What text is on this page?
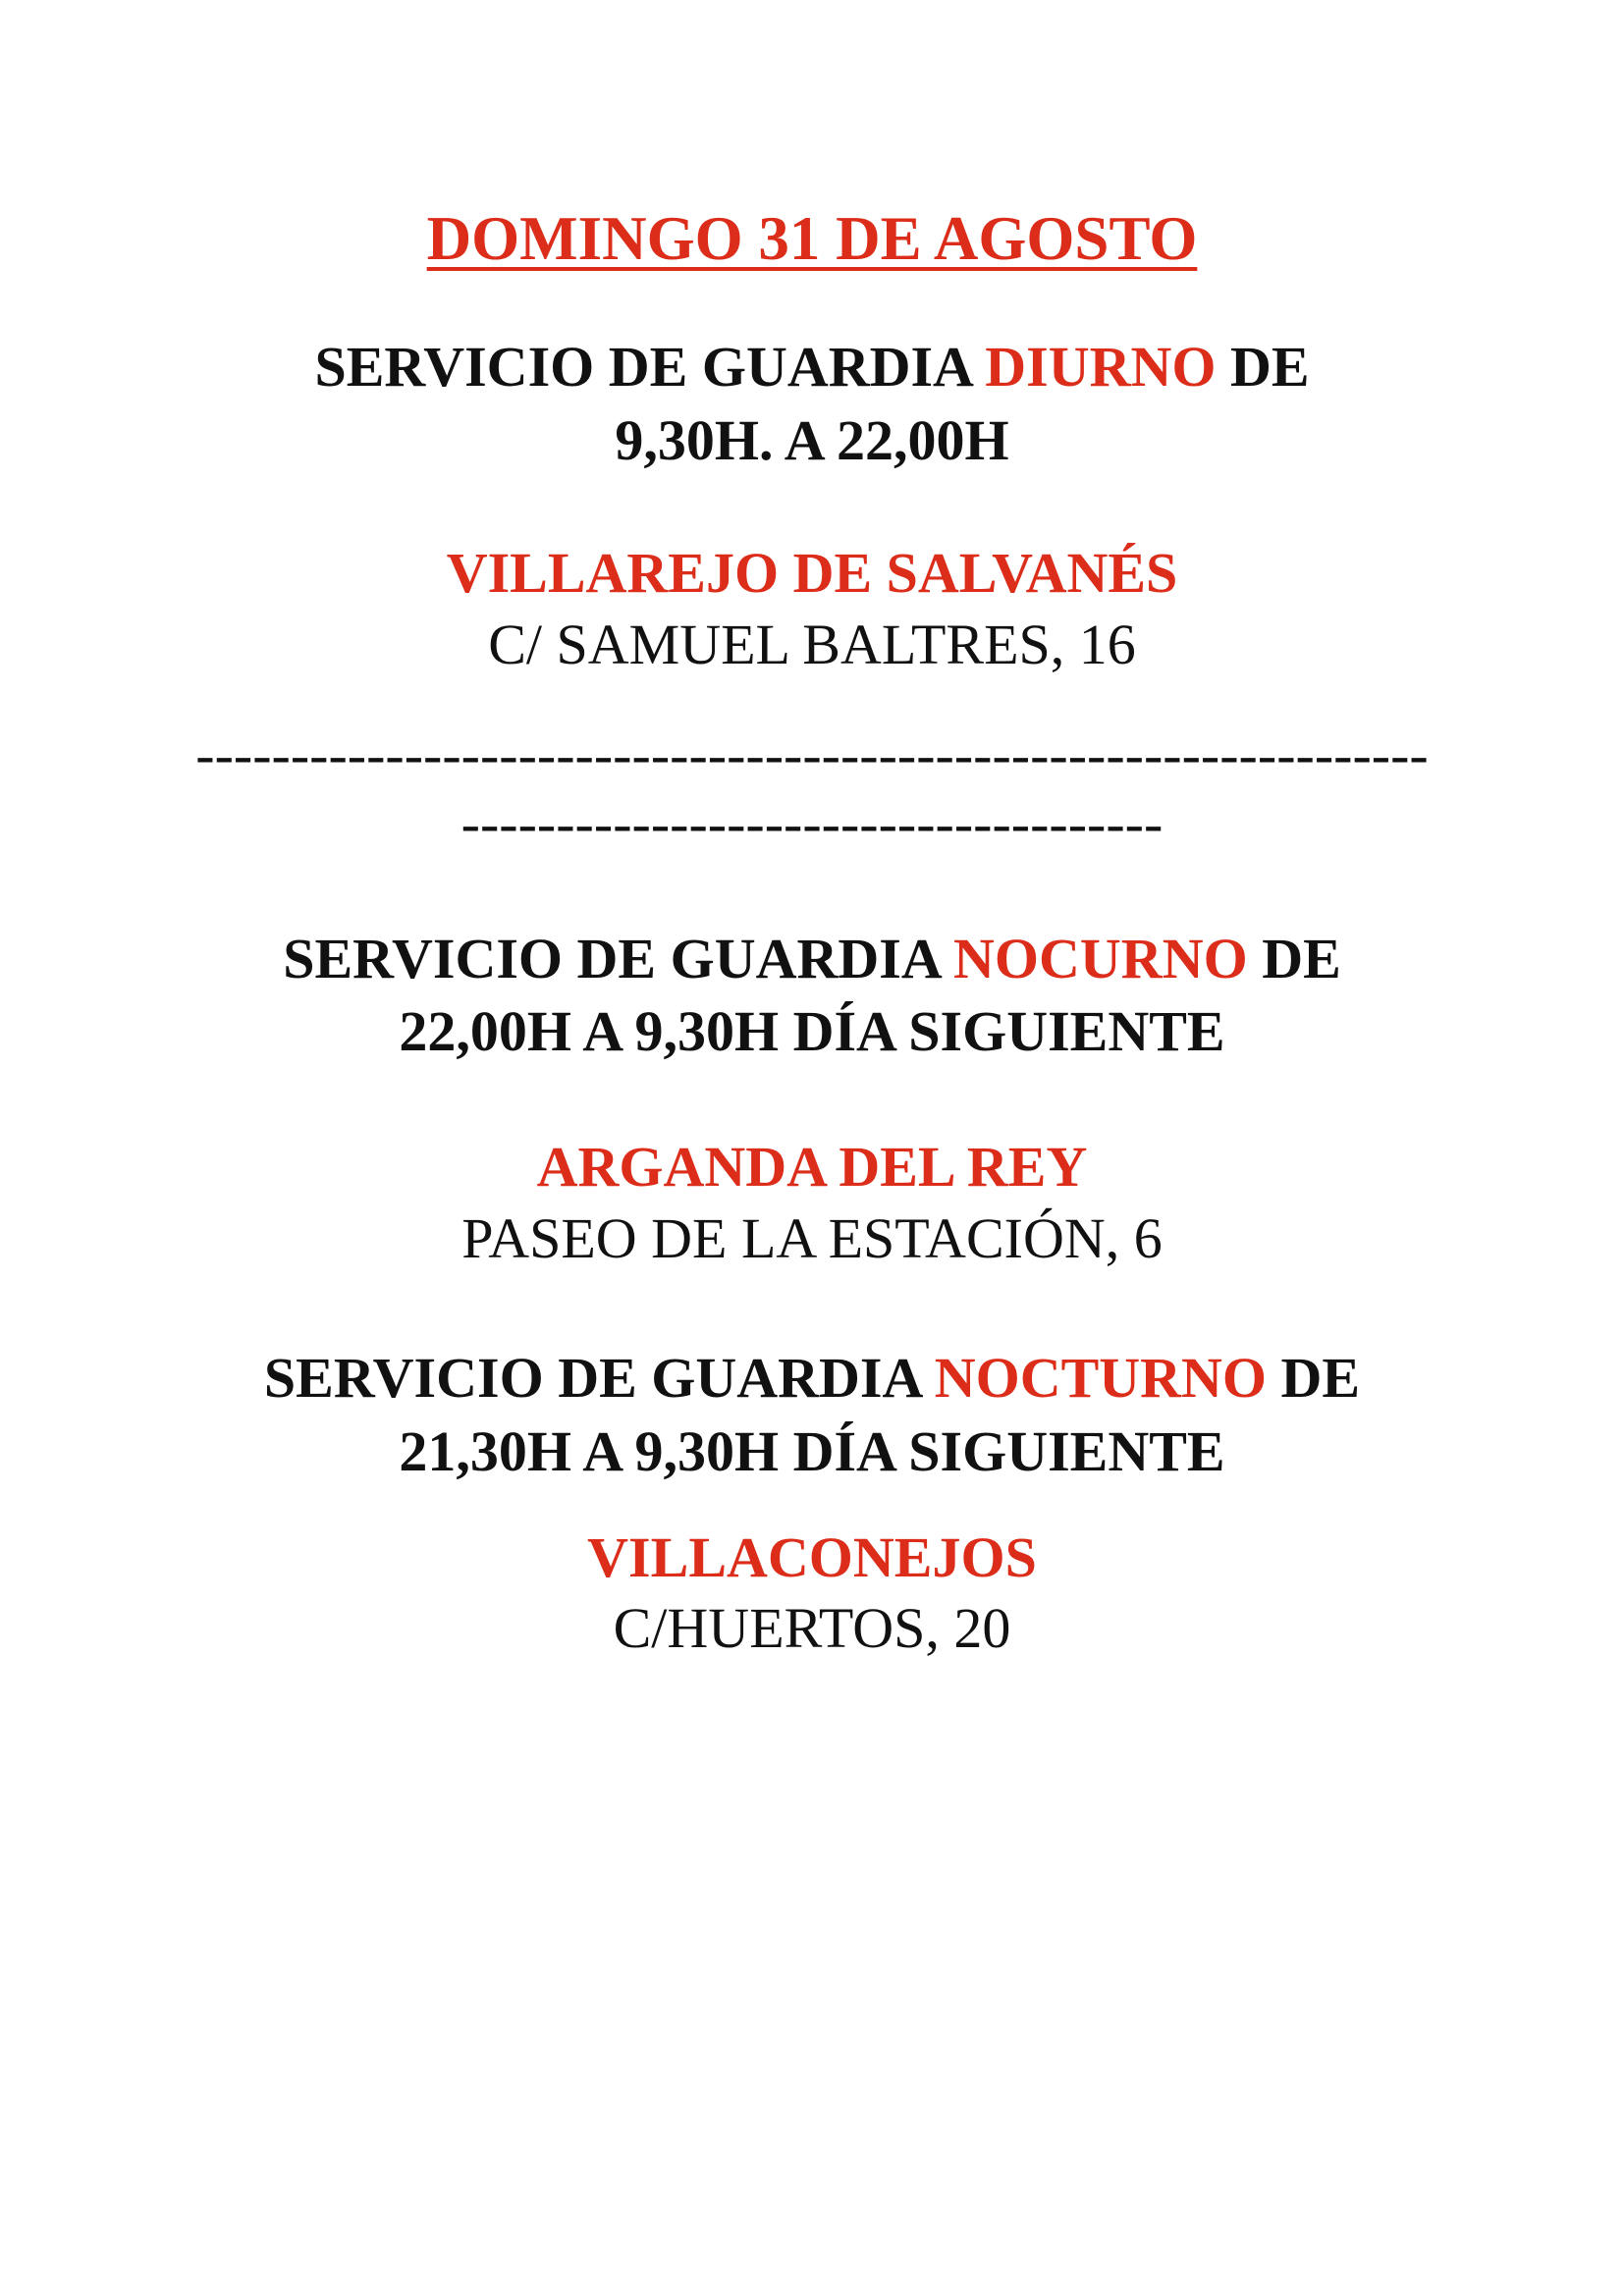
DOMINGO 31 DE AGOSTO
SERVICIO DE GUARDIA DIURNO DE
9,30H. A 22,00H
VILLAREJO DE SALVANÉS
C/ SAMUEL BALTRES, 16
-----------------------------------------------------------------
-------------------------------------
SERVICIO DE GUARDIA NOCURNO DE
22,00H A 9,30H DÍA SIGUIENTE
ARGANDA DEL REY
PASEO DE LA ESTACIÓN, 6
SERVICIO DE GUARDIA NOCTURNO DE
21,30H A 9,30H DÍA SIGUIENTE
VILLACONEJOS
C/HUERTOS, 20
